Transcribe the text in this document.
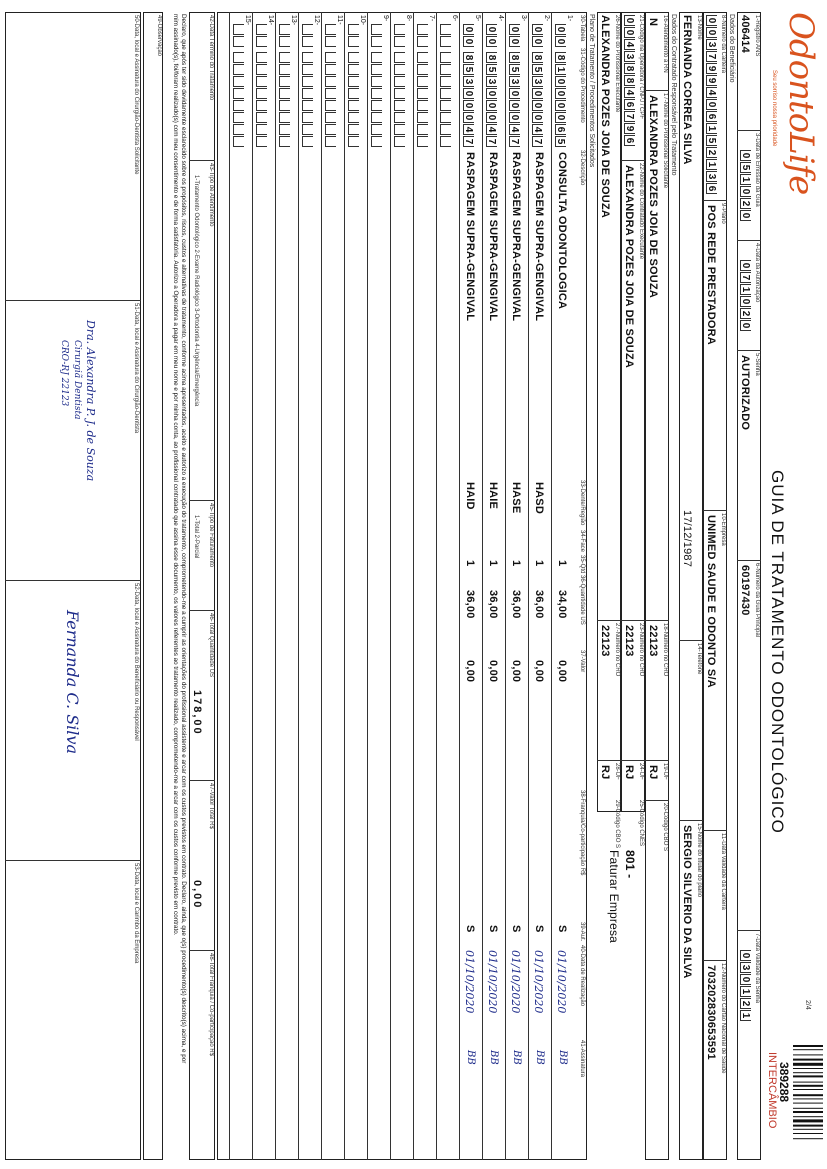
OdontoLife
Seu sorriso nossa prioridade
GUIA DE TRATAMENTO ODONTOLÓGICO
2/4
389288
INTERCÂMBIO
1-Registro ANS
406414
3-Data de Emissão da Guia
0
5
1
0
2
0
4-Data da Autorização
0
7
1
0
2
0
5-Senha
AUTORIZADO
6-Número da Guia Principal
60197430
7-Data Validade da Senha
0
3
0
1
2
1
Dados do Beneficiário
8-Número da Carteira
0
0
3
7
9
9
4
0
6
1
5
2
1
3
6
9-Plano
POS REDE PRESTADORA
10-Empresa
UNIMED SAUDE E ODONTO S/A
11-Data Validade da Carteira
12-Número do Cartão Nacional de Saúde
703202830653591
13-Nome
FERNANDA CORREA SILVA
17/12/1987
14-Telefone
15-Nome do titular do plano
SERGIO SILVERIO DA SILVA
Dados do Contratado Responsável pelo Tratamento
16-Atendimento a RN
N
17-Nome do Profissional Solicitante
ALEXANDRA POZES JOIA DE SOUZA
18-Número no CRO
22123
19-UF
RJ
20-Código CBO S
21-Código na Operadora / CNPJ / CPF
0
0
4
3
8
8
4
6
7
9
6
22-Nome do Contratado Executante
ALEXANDRA POZES JOIA DE SOUZA
23-Número no CRO
22123
24-UF
RJ
25-Código CNES
26-Nome do Profissional Executante
ALEXANDRA POZES JOIA DE SOUZA
27-Número no CRO
22123
28-UF
RJ
29-Código CBO S
801 -
Faturar Empresa
Plano de Tratamento / Procedimentos Solicitados
30-Tabela
31-Código do Procedimento
32-Descrição
33-Dente/Região
34-Face
35-Qtd
36-Quantidade US
37-Valor
38-Franquia/Co-participação R$
39-Aut.
40-Data de Realização
41-Assinatura
1-
0
0
8
1
0
0
0
0
6
5
CONSULTA ODONTOLOGICA
1
34,00
0,00
S
01/10/2020
BB
2-
0
0
8
5
3
0
0
0
4
7
RASPAGEM SUPRA-GENGIVAL
HASD
1
36,00
0,00
S
01/10/2020
BB
3-
0
0
8
5
3
0
0
0
4
7
RASPAGEM SUPRA-GENGIVAL
HASE
1
36,00
0,00
S
01/10/2020
BB
4-
0
0
8
5
3
0
0
0
4
7
RASPAGEM SUPRA-GENGIVAL
HAIE
1
36,00
0,00
S
01/10/2020
BB
5-
0
0
8
5
3
0
0
0
4
7
RASPAGEM SUPRA-GENGIVAL
HAID
1
36,00
0,00
S
01/10/2020
BB
6-
7-
8-
9-
10-
11-
12-
13-
14-
15-
42-Data Término do Tratamento
43-Tipo de Atendimento
1-Tratamento Odontológico 2-Exame Radiológico 3-Ortodontia 4-Urgência/Emergência
45-Tipo de Faturamento
1-Total 2-Parcial
46-Total Quantidade US
178,00
47-Valor Total R$
0,00
48-Total Franquia / Co-participação R$
Declaro, que após ter sido devidamente esclarecido sobre os propósitos, riscos, custos e alternativas de tratamento, conforme acima apresentados, aceito e autorizo a execução do tratamento, comprometendo-me a cumprir as orientações do profissional assistente e arcar com os custos previstos em contrato. Declaro, ainda, que o(s) procedimento(s) descrito(s) acima, e por mim assinado(s), foi/foram realizado(s) com meu consentimento e de forma satisfatória. Autorizo a Operadora a pagar em meu nome e por minha conta, ao profissional contratado que assina esse documento, os valores referentes ao tratamento realizado, comprometendo-me a arcar com os custos conforme previsto em contrato.
49-Observação
50-Data, local e Assinatura do Cirurgião-Dentista Solicitante
51-Data, local e Assinatura do Cirurgião-Dentista
52-Data, local e Assinatura do Beneficiário ou Responsável
53-Data, local e Carimbo da Empresa
Dra. Alexandra P. J. de Souza
Cirurgiã Dentista
CRO-RJ 22123
Fernanda C. Silva
